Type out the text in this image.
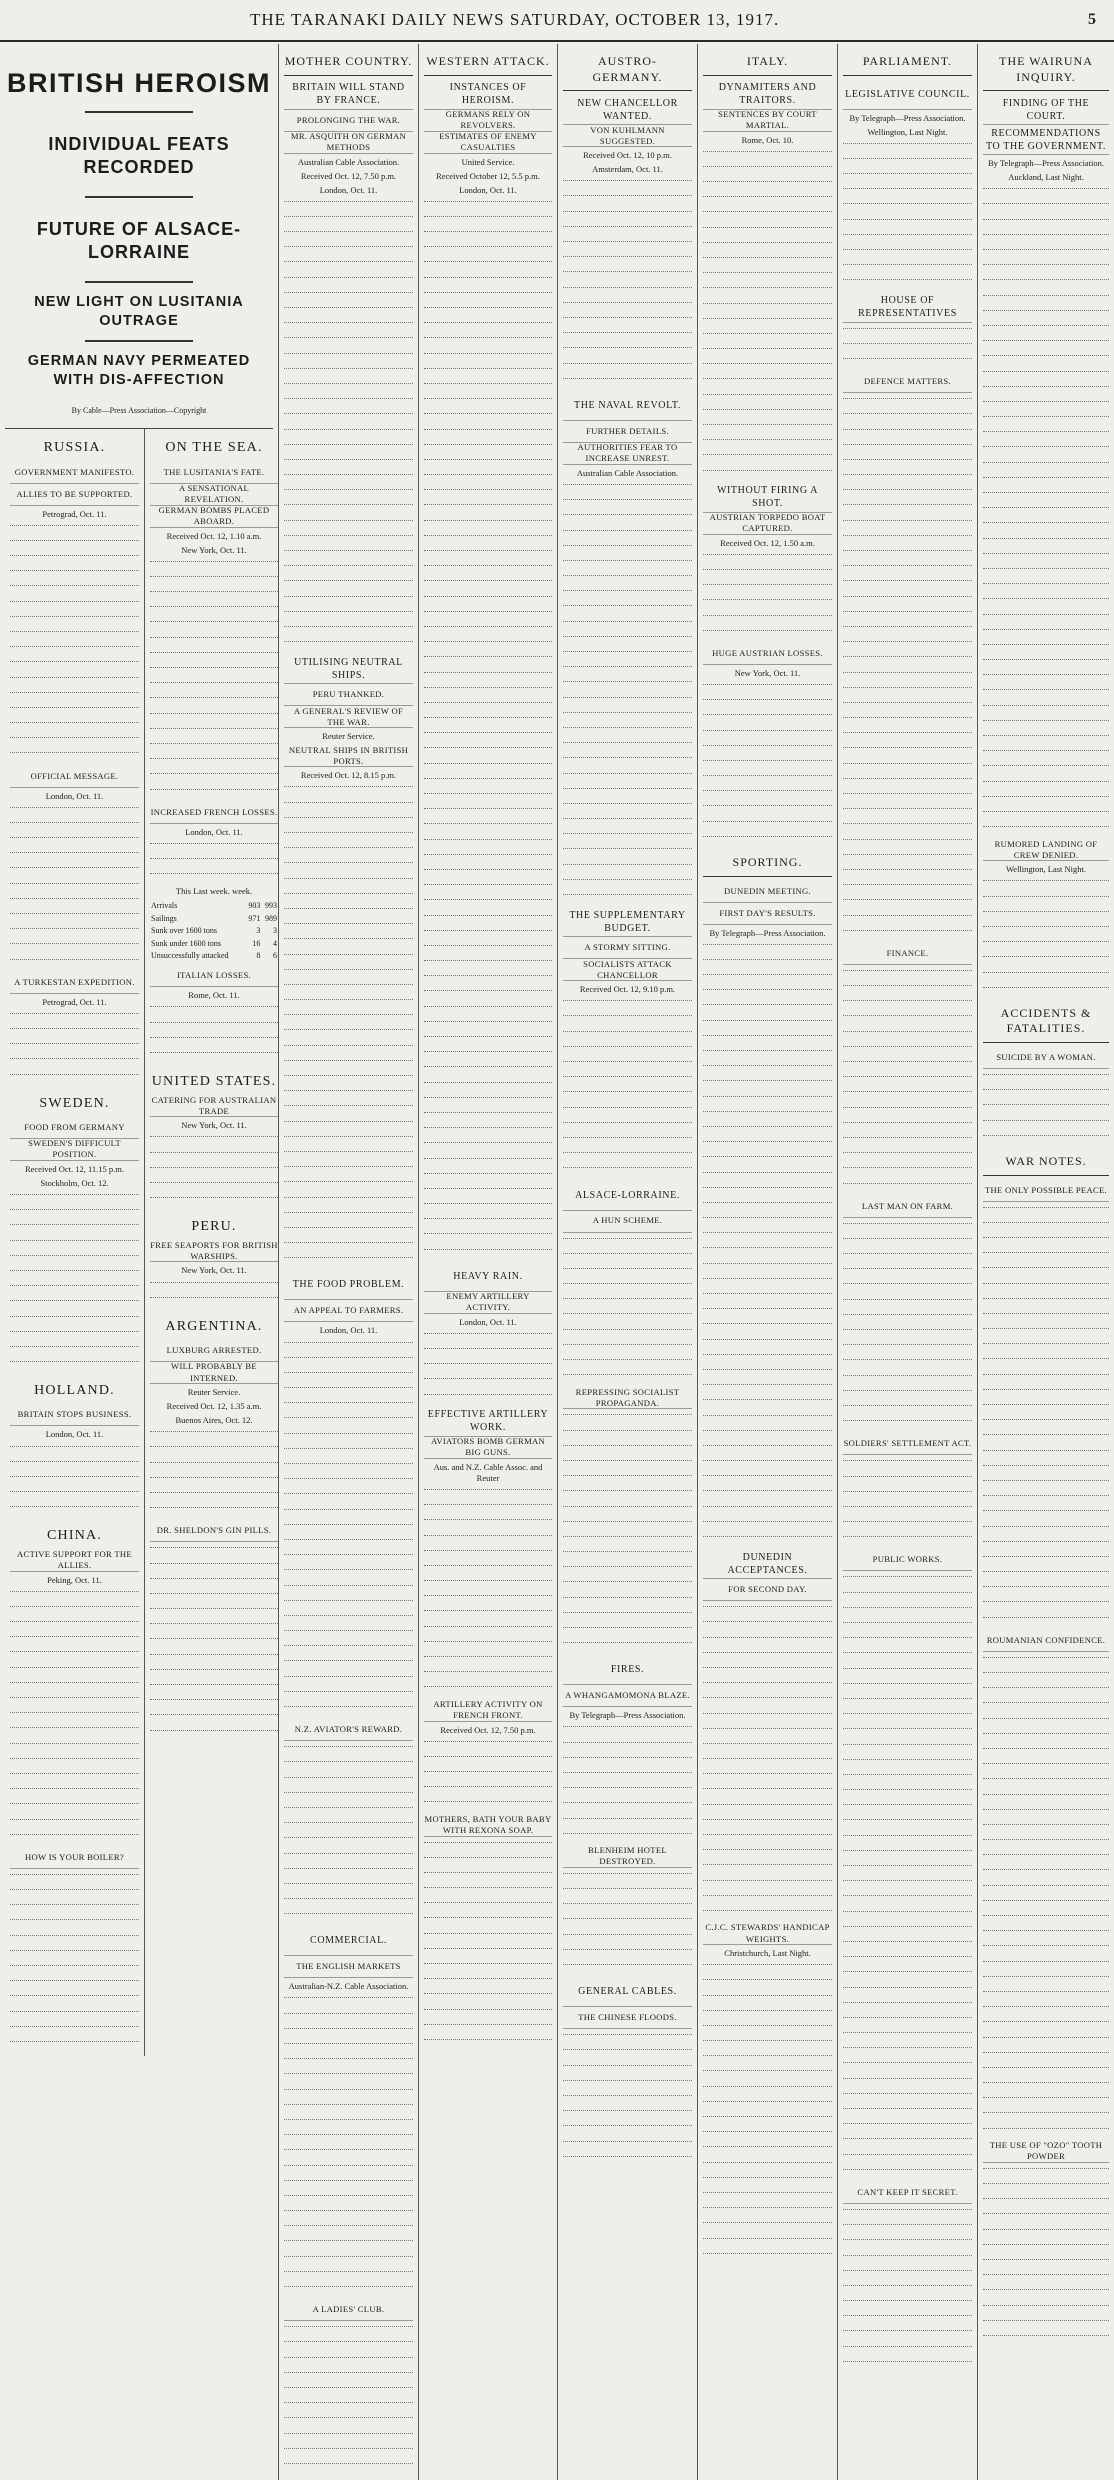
THE TARANAKI DAILY NEWS SATURDAY, OCTOBER 13, 1917.	5
BRITISH HEROISM
INDIVIDUAL FEATS RECORDED
FUTURE OF ALSACE-LORRAINE
NEW LIGHT ON LUSITANIA OUTRAGE
GERMAN NAVY PERMEATED WITH DIS-AFFECTION
By Cable—Press Association—Copyright
RUSSIA.
GOVERNMENT MANIFESTO.
ALLIES TO BE SUPPORTED.
Petrograd, Oct. 11.
OFFICIAL MESSAGE.
London, Oct. 11.
A TURKESTAN EXPEDITION.
Petrograd, Oct. 11.
SWEDEN.
FOOD FROM GERMANY
SWEDEN'S DIFFICULT POSITION.
Received Oct. 12, 11.15 p.m.
Stockholm, Oct. 12.
HOLLAND.
BRITAIN STOPS BUSINESS.
London, Oct. 11.
CHINA.
ACTIVE SUPPORT FOR THE ALLIES.
Peking, Oct. 11.
HOW IS YOUR BOILER?
ON THE SEA.
THE LUSITANIA'S FATE.
A SENSATIONAL REVELATION.
GERMAN BOMBS PLACED ABOARD.
Received Oct. 12, 1.10 a.m.
New York, Oct. 11.
INCREASED FRENCH LOSSES.
London, Oct. 11.
This Last week. week.
Arrivals	903	993
Sailings	971	989
Sunk over 1600 tons	3	3
Sunk under 1600 tons	16	4
Unsuccessfully attacked	8	6
ITALIAN LOSSES.
Rome, Oct. 11.
UNITED STATES.
CATERING FOR AUSTRALIAN TRADE
New York, Oct. 11.
PERU.
FREE SEAPORTS FOR BRITISH WARSHIPS.
New York, Oct. 11.
ARGENTINA.
LUXBURG ARRESTED.
WILL PROBABLY BE INTERNED.
Reuter Service.
Received Oct. 12, 1.35 a.m.
Buenos Aires, Oct. 12.
DR. SHELDON'S GIN PILLS.
MOTHER COUNTRY.
BRITAIN WILL STAND BY FRANCE.
PROLONGING THE WAR.
MR. ASQUITH ON GERMAN METHODS
Australian Cable Association.
Received Oct. 12, 7.50 p.m.
London, Oct. 11.
UTILISING NEUTRAL SHIPS.
PERU THANKED.
A GENERAL'S REVIEW OF THE WAR.
Reuter Service.
NEUTRAL SHIPS IN BRITISH PORTS.
Received Oct. 12, 8.15 p.m.
THE FOOD PROBLEM.
AN APPEAL TO FARMERS.
London, Oct. 11.
N.Z. AVIATOR'S REWARD.
COMMERCIAL.
THE ENGLISH MARKETS
Australian-N.Z. Cable Association.
A LADIES' CLUB.
WESTERN ATTACK.
INSTANCES OF HEROISM.
GERMANS RELY ON REVOLVERS.
ESTIMATES OF ENEMY CASUALTIES
United Service.
Received October 12, 5.5 p.m.
London, Oct. 11.
HEAVY RAIN.
ENEMY ARTILLERY ACTIVITY.
London, Oct. 11.
EFFECTIVE ARTILLERY WORK.
AVIATORS BOMB GERMAN BIG GUNS.
Aus. and N.Z. Cable Assoc. and Reuter
ARTILLERY ACTIVITY ON FRENCH FRONT.
Received Oct. 12, 7.50 p.m.
MOTHERS, BATH YOUR BABY WITH REXONA SOAP.
AUSTRO-GERMANY.
NEW CHANCELLOR WANTED.
VON KUHLMANN SUGGESTED.
Received Oct. 12, 10 p.m.
Amsterdam, Oct. 11.
THE NAVAL REVOLT.
FURTHER DETAILS.
AUTHORITIES FEAR TO INCREASE UNREST.
Australian Cable Association.
THE SUPPLEMENTARY BUDGET.
A STORMY SITTING.
SOCIALISTS ATTACK CHANCELLOR
Received Oct. 12, 9.10 p.m.
ALSACE-LORRAINE.
A HUN SCHEME.
REPRESSING SOCIALIST PROPAGANDA.
FIRES.
A WHANGAMOMONA BLAZE.
By Telegraph—Press Association.
BLENHEIM HOTEL DESTROYED.
GENERAL CABLES.
THE CHINESE FLOODS.
ITALY.
DYNAMITERS AND TRAITORS.
SENTENCES BY COURT MARTIAL.
Rome, Oct. 10.
WITHOUT FIRING A SHOT.
AUSTRIAN TORPEDO BOAT CAPTURED.
Received Oct. 12, 1.50 a.m.
HUGE AUSTRIAN LOSSES.
New York, Oct. 11.
SPORTING.
DUNEDIN MEETING.
FIRST DAY'S RESULTS.
By Telegraph—Press Association.
DUNEDIN ACCEPTANCES.
FOR SECOND DAY.
C.J.C. STEWARDS' HANDICAP WEIGHTS.
Christchurch, Last Night.
PARLIAMENT.
LEGISLATIVE COUNCIL.
By Telegraph—Press Association.
Wellington, Last Night.
HOUSE OF REPRESENTATIVES
DEFENCE MATTERS.
FINANCE.
LAST MAN ON FARM.
SOLDIERS' SETTLEMENT ACT.
PUBLIC WORKS.
CAN'T KEEP IT SECRET.
THE WAIRUNA INQUIRY.
FINDING OF THE COURT.
RECOMMENDATIONS TO THE GOVERNMENT.
By Telegraph—Press Association.
Auckland, Last Night.
RUMORED LANDING OF CREW DENIED.
Wellington, Last Night.
ACCIDENTS & FATALITIES.
SUICIDE BY A WOMAN.
WAR NOTES.
THE ONLY POSSIBLE PEACE.
ROUMANIAN CONFIDENCE.
THE USE OF "OZO" TOOTH POWDER
